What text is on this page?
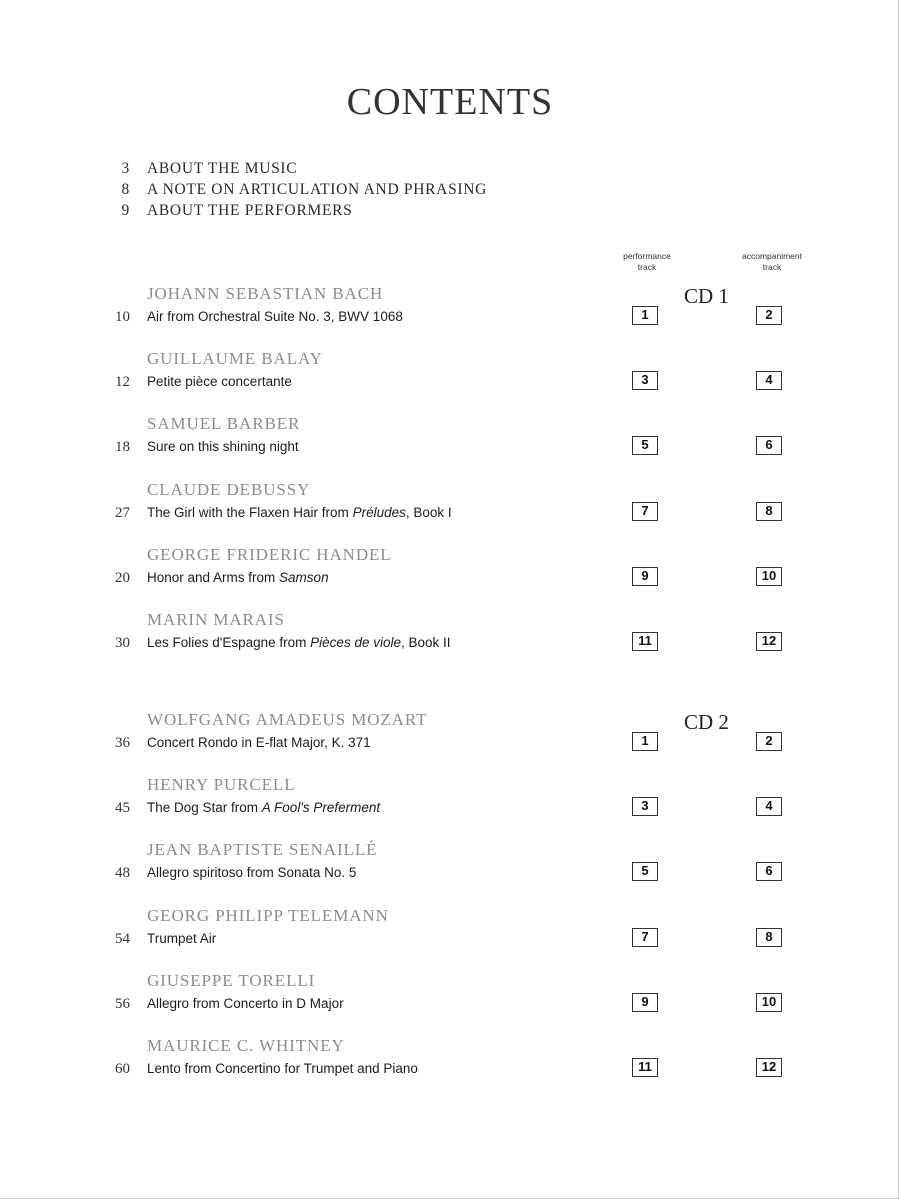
CONTENTS
3 ABOUT THE MUSIC
8 A NOTE ON ARTICULATION AND PHRASING
9 ABOUT THE PERFORMERS
performance
track
accompaniment
track
CD 1
CD 2
JOHANN SEBASTIAN BACH
10 Air from Orchestral Suite No. 3, BWV 1068	1	2
GUILLAUME BALAY
12 Petite pièce concertante	3	4
SAMUEL BARBER
18 Sure on this shining night	5	6
CLAUDE DEBUSSY
27 The Girl with the Flaxen Hair from Préludes, Book I	7	8
GEORGE FRIDERIC HANDEL
20 Honor and Arms from Samson	9	10
MARIN MARAIS
30 Les Folies d'Espagne from Pièces de viole, Book II	11	12
WOLFGANG AMADEUS MOZART
36 Concert Rondo in E-flat Major, K. 371	1	2
HENRY PURCELL
45 The Dog Star from A Fool's Preferment	3	4
JEAN BAPTISTE SENAILLÉ
48 Allegro spiritoso from Sonata No. 5	5	6
GEORG PHILIPP TELEMANN
54 Trumpet Air	7	8
GIUSEPPE TORELLI
56 Allegro from Concerto in D Major	9	10
MAURICE C. WHITNEY
60 Lento from Concertino for Trumpet and Piano	11	12
